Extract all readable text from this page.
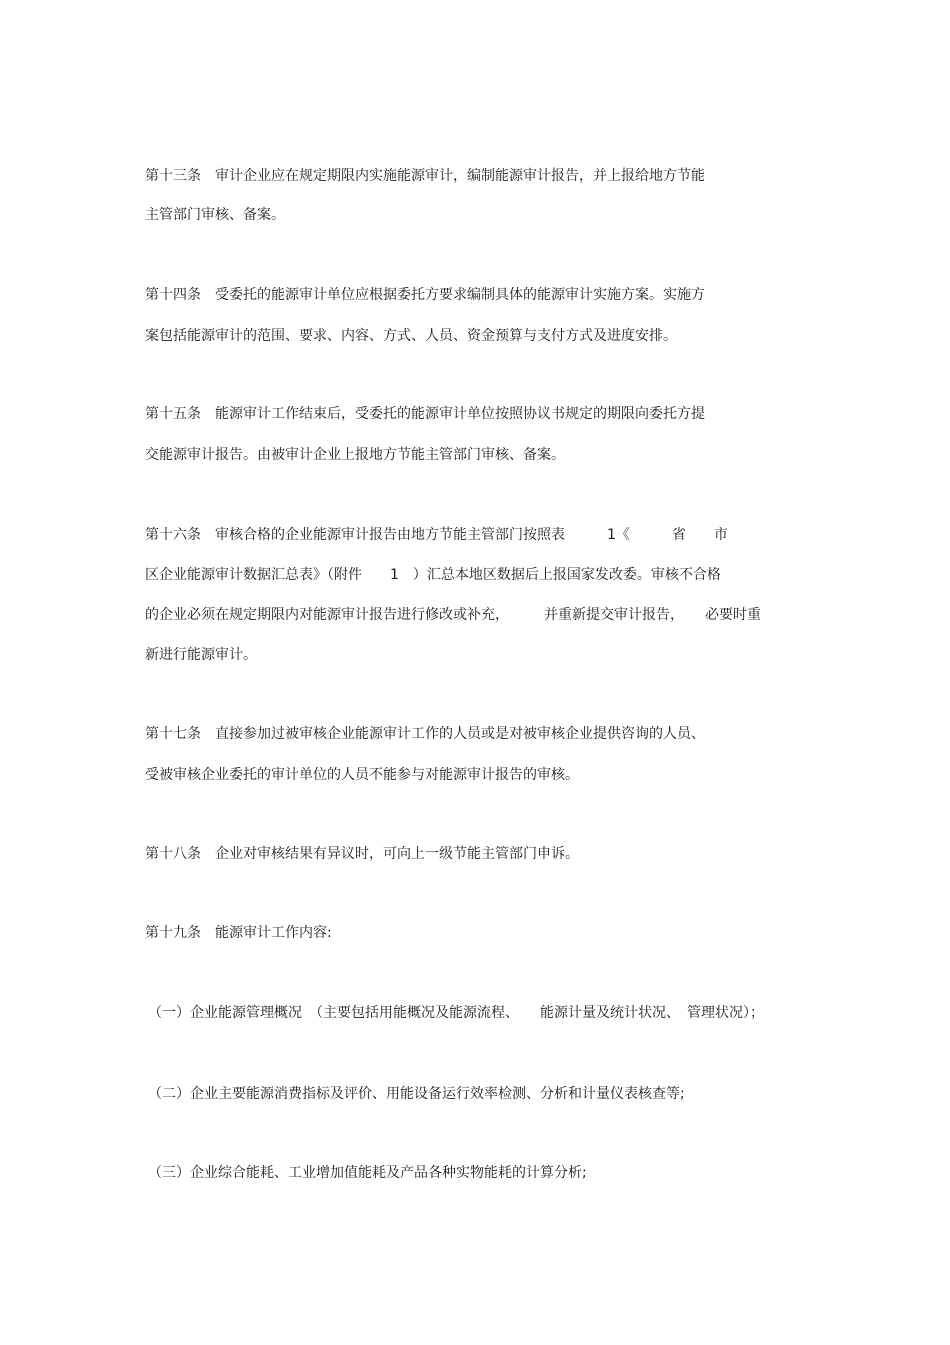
第十三条　审计企业应在规定期限内实施能源审计，编制能源审计报告，并上报给地方节能

主管部门审核、备案。

第十四条　受委托的能源审计单位应根据委托方要求编制具体的能源审计实施方案。实施方

案包括能源审计的范围、要求、内容、方式、人员、资金预算与支付方式及进度安排。

第十五条　能源审计工作结束后，受委托的能源审计单位按照协议书规定的期限向委托方提

交能源审计报告。由被审计企业上报地方节能主管部门审核、备案。

第十六条　审核合格的企业能源审计报告由地方节能主管部门按照表　　　1《　　　省　　市

区企业能源审计数据汇总表》（附件　　1　）汇总本地区数据后上报国家发改委。审核不合格

的企业必须在规定期限内对能源审计报告进行修改或补充，　　　并重新提交审计报告，　　必要时重

新进行能源审计。

第十七条　直接参加过被审核企业能源审计工作的人员或是对被审核企业提供咨询的人员、

受被审核企业委托的审计单位的人员不能参与对能源审计报告的审核。

第十八条　企业对审核结果有异议时，可向上一级节能主管部门申诉。

第十九条　能源审计工作内容:

（一）企业能源管理概况　（主要包括用能概况及能源流程、　　能源计量及统计状况、　管理状况）；

（二）企业主要能源消费指标及评价、用能设备运行效率检测、分析和计量仪表核查等;

（三）企业综合能耗、工业增加值能耗及产品各种实物能耗的计算分析;
